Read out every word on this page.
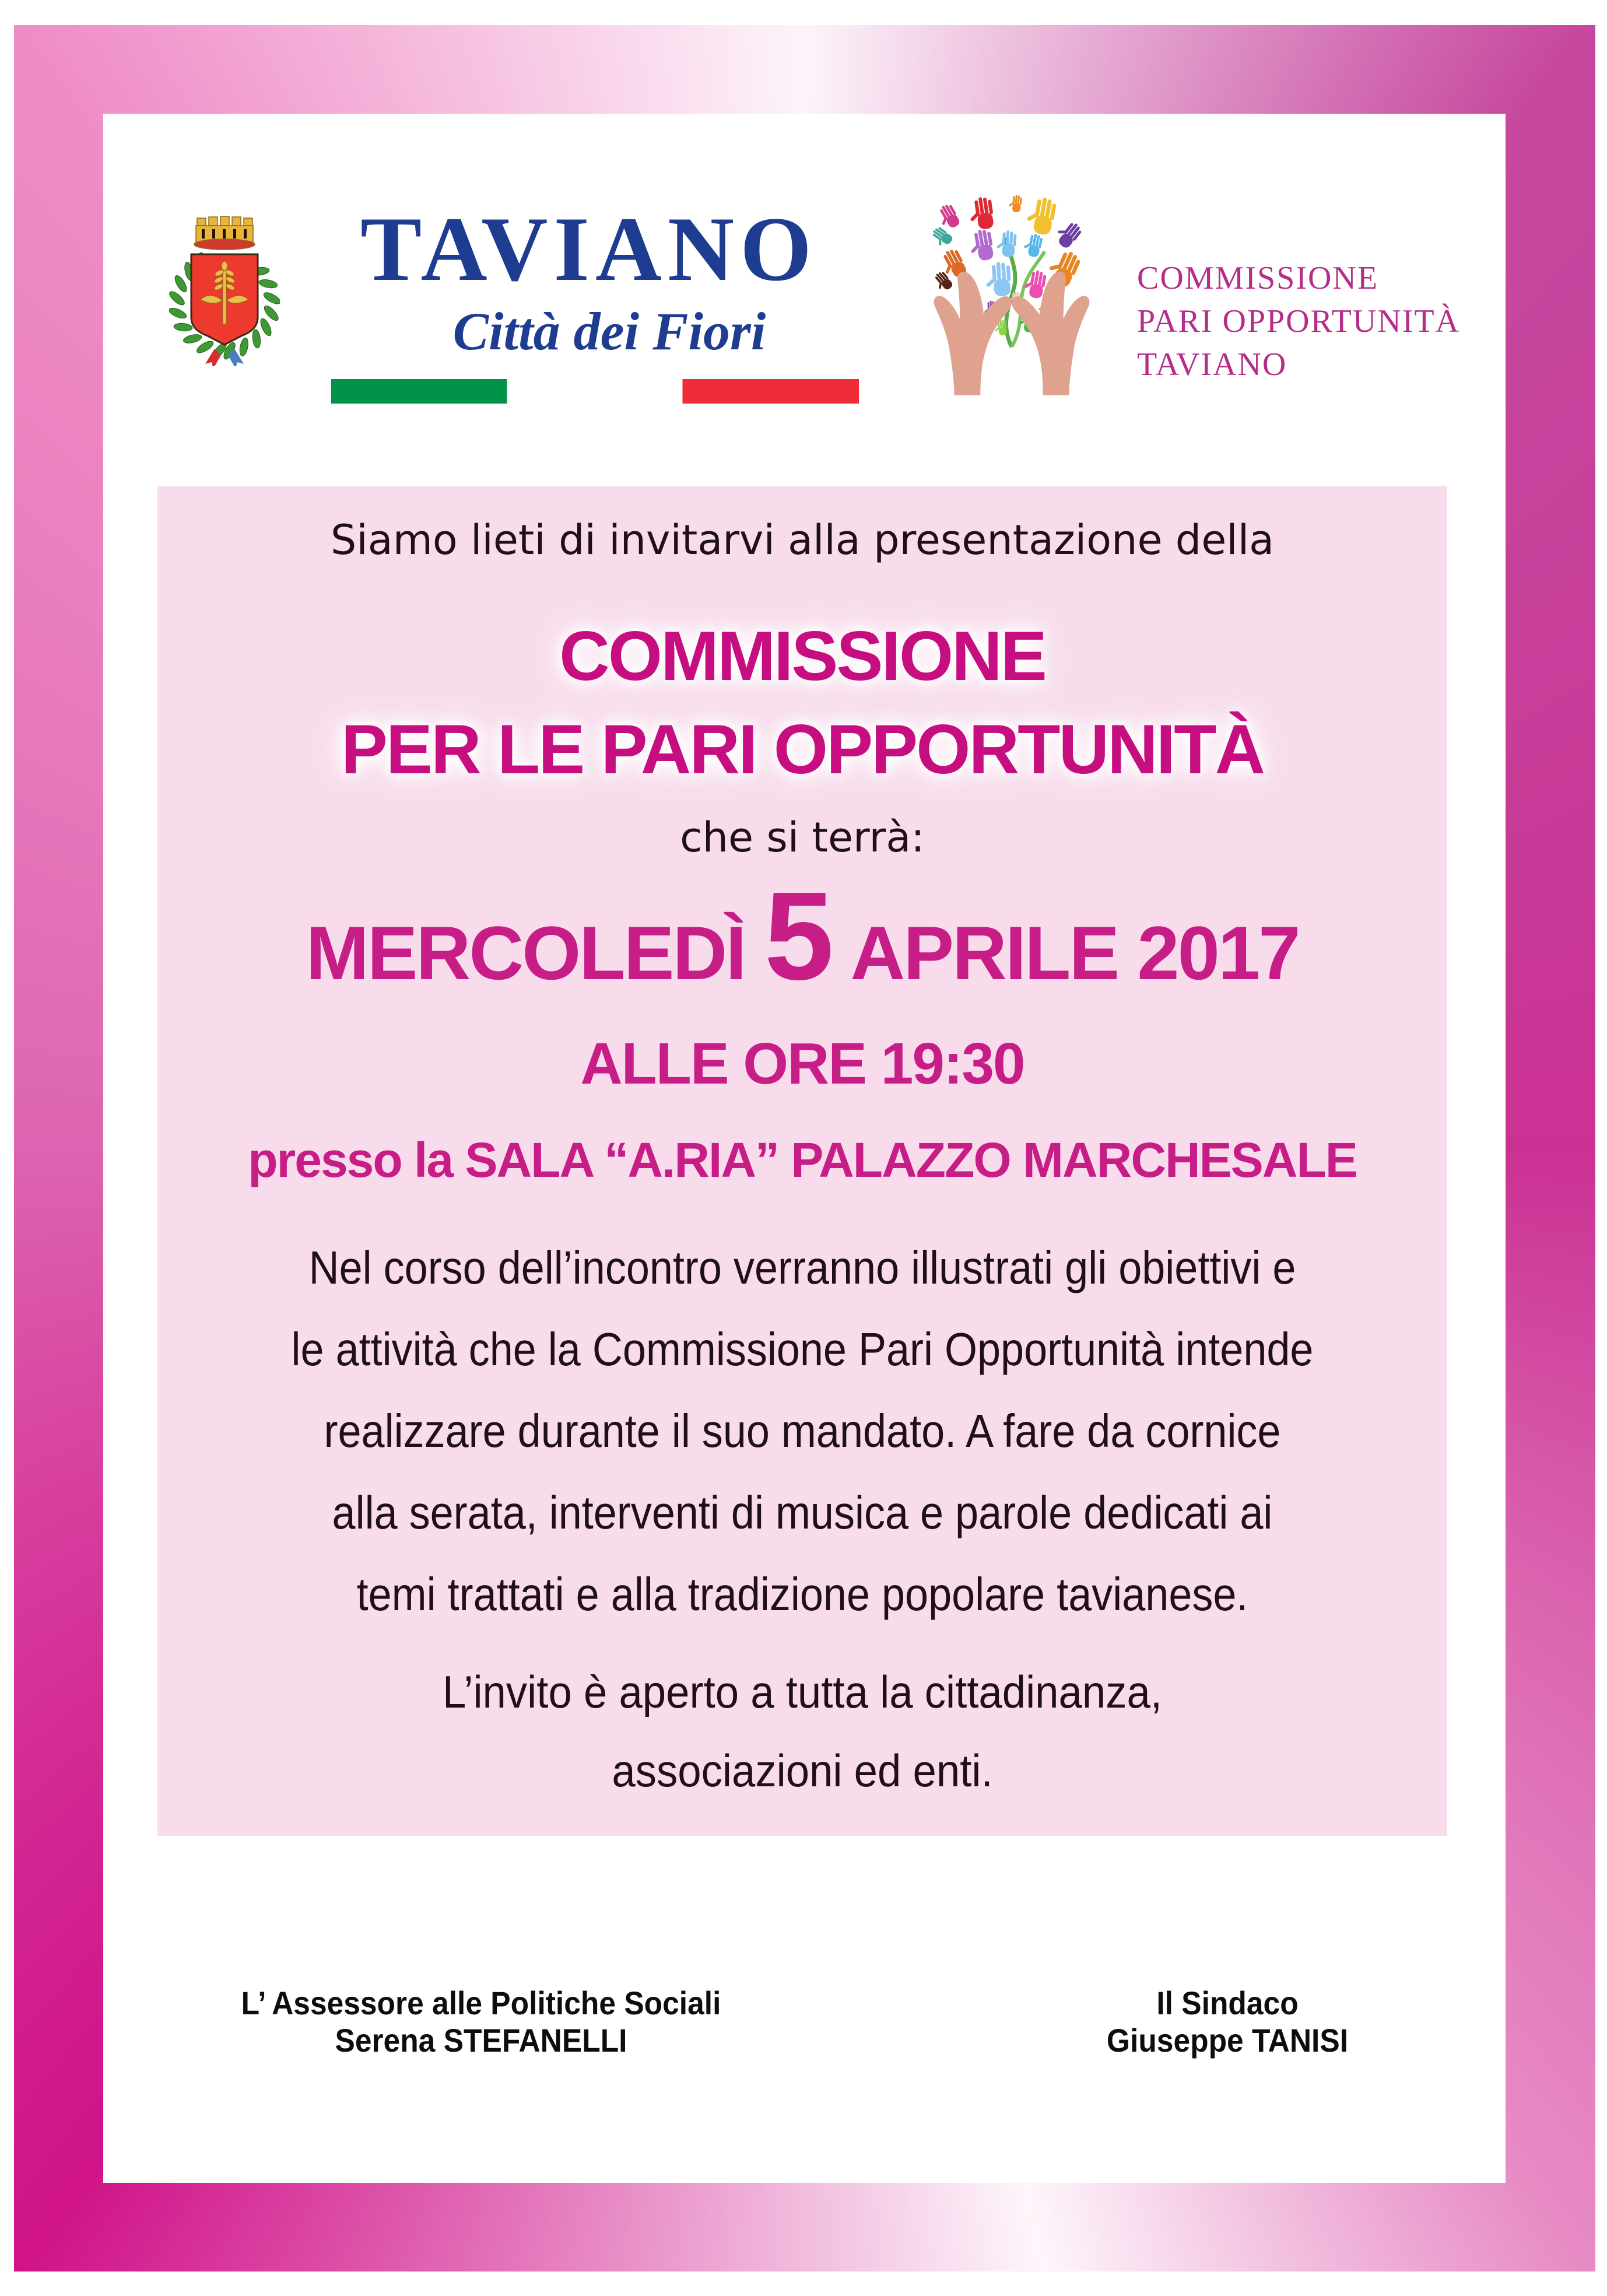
TAVIANO
Città dei Fiori
COMMISSIONE
PARI OPPORTUNITÀ
TAVIANO
Siamo lieti di invitarvi alla presentazione della
COMMISSIONE
PER LE PARI OPPORTUNITÀ
che si terrà:
MERCOLEDÌ 5 APRILE 2017
ALLE ORE 19:30
presso la SALA “A.RIA” PALAZZO MARCHESALE
Nel corso dell’incontro verranno illustrati gli obiettivi e
le attività che la Commissione Pari Opportunità intende
realizzare durante il suo mandato. A fare da cornice
alla serata, interventi di musica e parole dedicati ai
temi trattati e alla tradizione popolare tavianese.
L’invito è aperto a tutta la cittadinanza,
associazioni ed enti.
L’ Assessore alle Politiche Sociali
Serena STEFANELLI
Il Sindaco
Giuseppe TANISI
